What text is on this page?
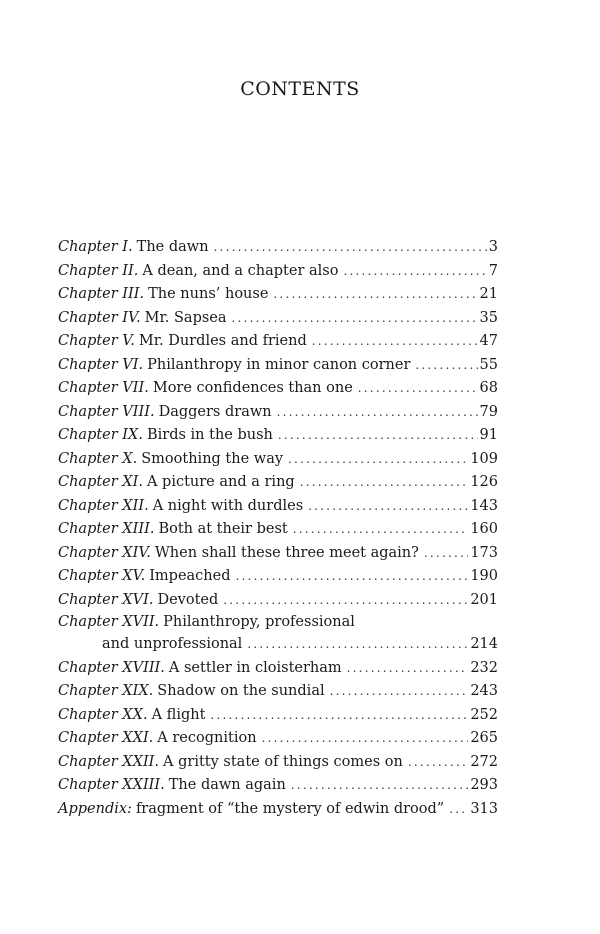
CONTENTS
Chapter I. The dawn .....	3
Chapter II. A dean, and a chapter also .....	7
Chapter III. The nuns’ house .....	21
Chapter IV. Mr. Sapsea .....	35
Chapter V. Mr. Durdles and friend .....	47
Chapter VI. Philanthropy in minor canon corner .....	55
Chapter VII. More confidences than one .....	68
Chapter VIII. Daggers drawn .....	79
Chapter IX. Birds in the bush .....	91
Chapter X. Smoothing the way .....	109
Chapter XI. A picture and a ring .....	126
Chapter XII. A night with durdles .....	143
Chapter XIII. Both at their best .....	160
Chapter XIV. When shall these three meet again? .....	173
Chapter XV. Impeached .....	190
Chapter XVI. Devoted .....	201
Chapter XVII. Philanthropy, professional
and unprofessional .....	214
Chapter XVIII. A settler in cloisterham .....	232
Chapter XIX. Shadow on the sundial .....	243
Chapter XX. A flight .....	252
Chapter XXI. A recognition .....	265
Chapter XXII. A gritty state of things comes on .....	272
Chapter XXIII. The dawn again .....	293
Appendix: fragment of “the mystery of edwin drood” ..... 313
